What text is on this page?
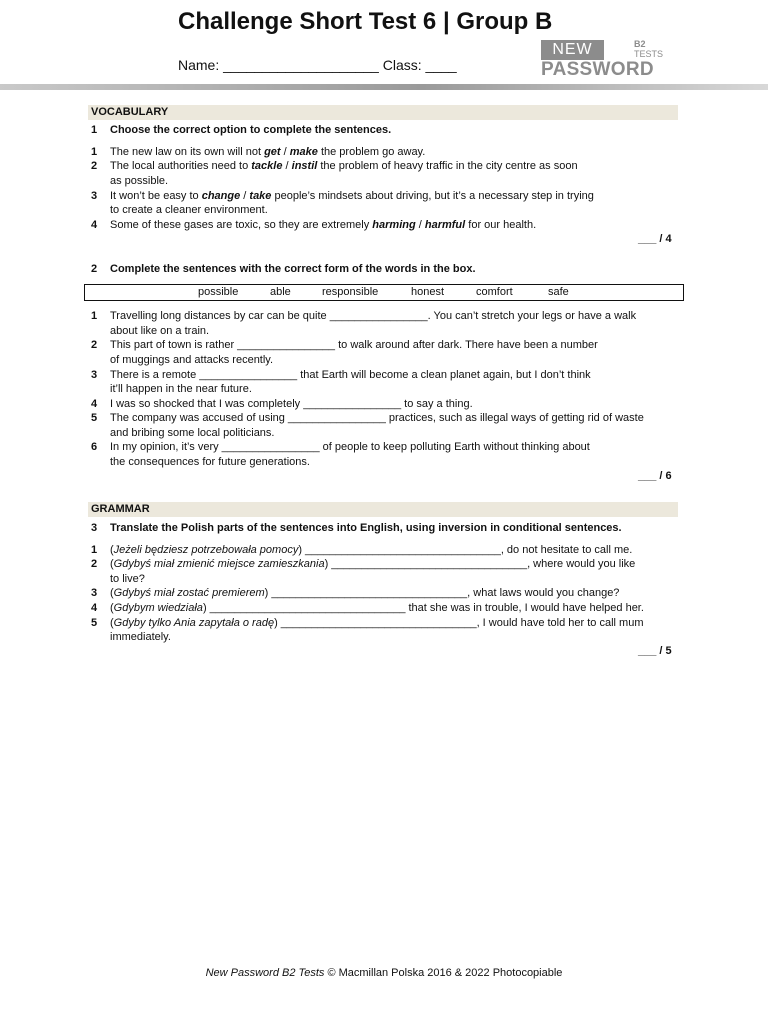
Challenge Short Test 6 | Group B
Name: ____________________ Class: ____
NEW	B2
TESTS
PASSWORD
VOCABULARY
1 Choose the correct option to complete the sentences.
1 The new law on its own will not get / make the problem go away.
2 The local authorities need to tackle / instil the problem of heavy traffic in the city centre as soon
as possible.
3 It won’t be easy to change / take people’s mindsets about driving, but it’s a necessary step in trying
to create a cleaner environment.
4 Some of these gases are toxic, so they are extremely harming / harmful for our health.
___ / 4
2 Complete the sentences with the correct form of the words in the box.
possible	able	responsible	honest	comfort	safe
1 Travelling long distances by car can be quite ________________. You can’t stretch your legs or have a walk
about like on a train.
2 This part of town is rather ________________ to walk around after dark. There have been a number
of muggings and attacks recently.
3 There is a remote ________________ that Earth will become a clean planet again, but I don’t think
it’ll happen in the near future.
4 I was so shocked that I was completely ________________ to say a thing.
5 The company was accused of using ________________ practices, such as illegal ways of getting rid of waste
and bribing some local politicians.
6 In my opinion, it’s very ________________ of people to keep polluting Earth without thinking about
the consequences for future generations.
___ / 6
GRAMMAR
3 Translate the Polish parts of the sentences into English, using inversion in conditional sentences.
1 (Jeżeli będziesz potrzebowała pomocy) ________________________________, do not hesitate to call me.
2 (Gdybyś miał zmienić miejsce zamieszkania) ________________________________, where would you like
to live?
3 (Gdybyś miał zostać premierem) ________________________________, what laws would you change?
4 (Gdybym wiedziała) ________________________________ that she was in trouble, I would have helped her.
5 (Gdyby tylko Ania zapytała o radę) ________________________________, I would have told her to call mum
immediately.
___ / 5
New Password B2 Tests © Macmillan Polska 2016 & 2022 Photocopiable
